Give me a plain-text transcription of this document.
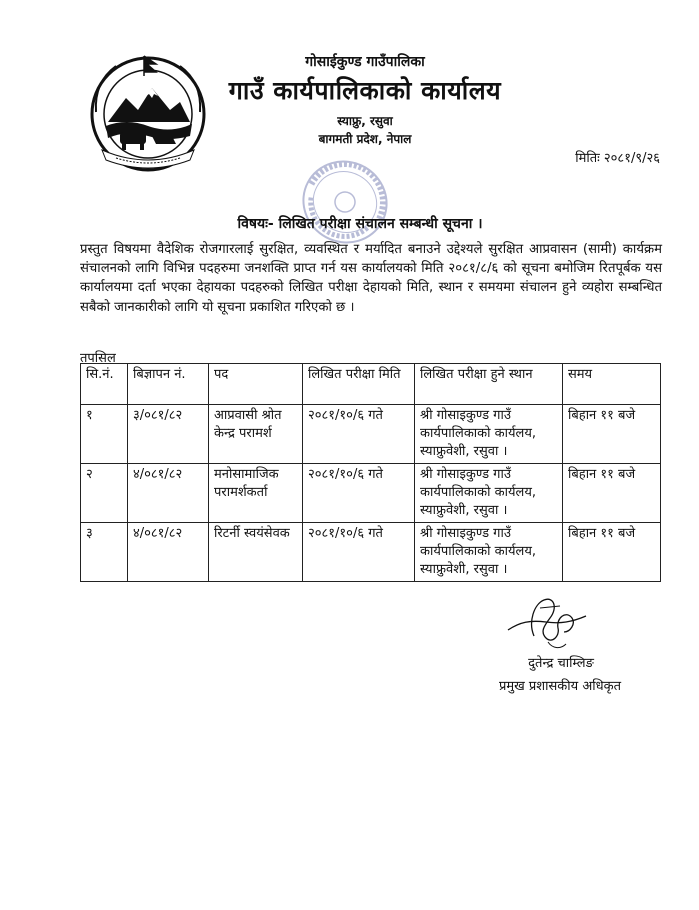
गोसाईकुण्ड गाउँपालिका
गाउँ कार्यपालिकाको कार्यालय
स्याफ्रु, रसुवा
बागमती प्रदेश, नेपाल
मितिः २०८१/९/२६
विषयः- लिखित परीक्षा संचालन सम्बन्धी सूचना ।
प्रस्तुत विषयमा वैदेशिक रोजगारलाई सुरक्षित, व्यवस्थित र मर्यादित बनाउने उद्देश्यले सुरक्षित आप्रवासन (सामी) कार्यक्रम संचालनको लागि विभिन्न पदहरुमा जनशक्ति प्राप्त गर्न यस कार्यालयको मिति २०८१/८/६ को सूचना बमोजिम रितपूर्बक यस कार्यालयमा दर्ता भएका देहायका पदहरुको लिखित परीक्षा देहायको मिति, स्थान र समयमा संचालन हुने व्यहोरा सम्बन्धित सबैको जानकारीको लागि यो सूचना प्रकाशित गरिएको छ ।
तपसिल
सि.नं.	बिज्ञापन नं.	पद	लिखित परीक्षा मिति	लिखित परीक्षा हुने स्थान	समय
१	३/०८१/८२	आप्रवासी श्रोत केन्द्र परामर्श	२०८१/१०/६ गते	श्री गोसाइकुण्ड गाउँ कार्यपालिकाको कार्यलय, स्याफ्रुवेशी, रसुवा ।	बिहान ११ बजे
२	४/०८१/८२	मनोसामाजिक परामर्शकर्ता	२०८१/१०/६ गते	श्री गोसाइकुण्ड गाउँ कार्यपालिकाको कार्यलय, स्याफ्रुवेशी, रसुवा ।	बिहान ११ बजे
३	४/०८१/८२	रिटर्नी स्वयंसेवक	२०८१/१०/६ गते	श्री गोसाइकुण्ड गाउँ कार्यपालिकाको कार्यलय, स्याफ्रुवेशी, रसुवा ।	बिहान ११ बजे
दुतेन्द्र चाम्लिङ
प्रमुख प्रशासकीय अधिकृत
